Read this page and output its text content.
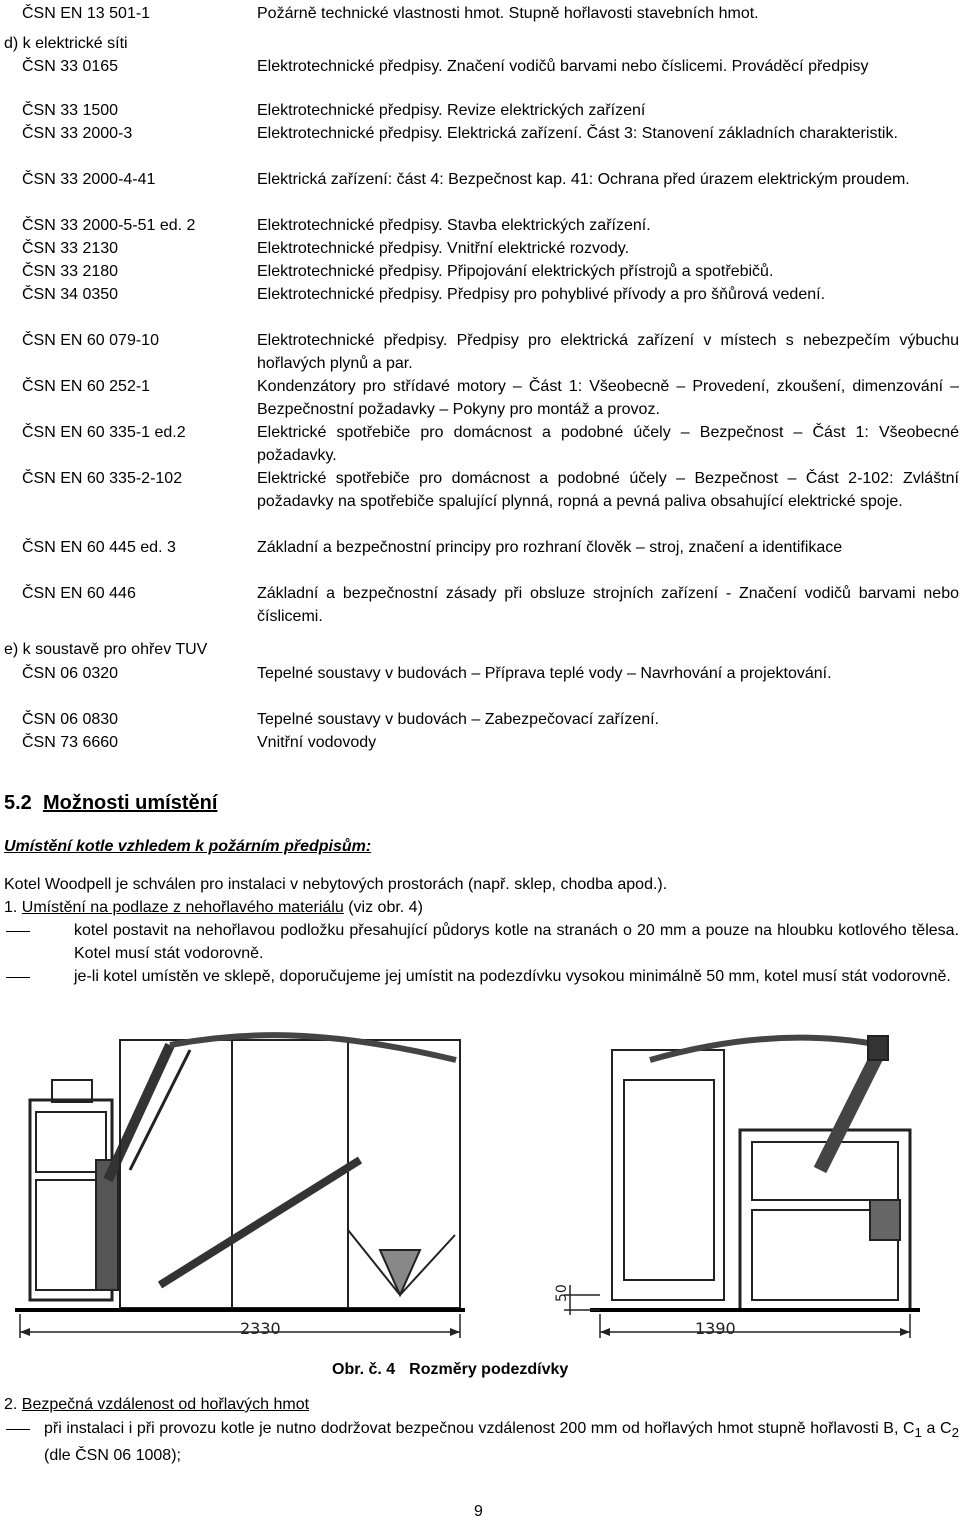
ČSN EN 13 501-1	Požárně technické vlastnosti hmot. Stupně hořlavosti stavebních hmot.
d) k elektrické síti
ČSN 33 0165	Elektrotechnické předpisy. Značení vodičů barvami nebo číslicemi. Prováděcí předpisy
ČSN 33 1500	Elektrotechnické předpisy. Revize elektrických zařízení
ČSN 33 2000-3	Elektrotechnické předpisy. Elektrická zařízení. Část 3: Stanovení základních charakteristik.
ČSN 33 2000-4-41	Elektrická zařízení: část 4: Bezpečnost kap. 41: Ochrana před úrazem elektrickým proudem.
ČSN 33 2000-5-51 ed. 2	Elektrotechnické předpisy. Stavba elektrických zařízení.
ČSN 33 2130	Elektrotechnické předpisy. Vnitřní elektrické rozvody.
ČSN 33 2180	Elektrotechnické předpisy. Připojování elektrických přístrojů a spotřebičů.
ČSN 34 0350	Elektrotechnické předpisy. Předpisy pro pohyblivé přívody a pro šňůrová vedení.
ČSN EN 60 079-10	Elektrotechnické předpisy. Předpisy pro elektrická zařízení v místech s nebezpečím výbuchu hořlavých plynů a par.
ČSN EN 60 252-1	Kondenzátory pro střídavé motory – Část 1: Všeobecně – Provedení, zkoušení, dimenzování – Bezpečnostní požadavky – Pokyny pro montáž a provoz.
ČSN EN 60 335-1 ed.2	Elektrické spotřebiče pro domácnost a podobné účely – Bezpečnost – Část 1: Všeobecné požadavky.
ČSN EN 60 335-2-102	Elektrické spotřebiče pro domácnost a podobné účely – Bezpečnost – Část 2-102: Zvláštní požadavky na spotřebiče spalující plynná, ropná a pevná paliva obsahující elektrické spoje.
ČSN EN 60 445 ed. 3	Základní a bezpečnostní principy pro rozhraní člověk – stroj, značení a identifikace
ČSN EN 60 446	Základní a bezpečnostní zásady při obsluze strojních zařízení - Značení vodičů barvami nebo číslicemi.
e) k soustavě pro ohřev TUV
ČSN 06 0320	Tepelné soustavy v budovách – Příprava teplé vody – Navrhování a projektování.
ČSN 06 0830	Tepelné soustavy v budovách – Zabezpečovací zařízení.
ČSN 73 6660	Vnitřní vodovody
5.2 Možnosti umístění
Umístění kotle vzhledem k požárním předpisům:
Kotel Woodpell je schválen pro instalaci v nebytových prostorách (např. sklep, chodba apod.).
1. Umístění na podlaze z nehořlavého materiálu (viz obr. 4)
kotel postavit na nehořlavou podložku přesahující půdorys kotle na stranách o 20 mm a pouze na hloubku kotlového tělesa. Kotel musí stát vodorovně.
je-li kotel umístěn ve sklepě, doporučujeme jej umístit na podezdívku vysokou minimálně 50 mm, kotel musí stát vodorovně.
2330	1390
50
Obr. č. 4 Rozměry podezdívky
2. Bezpečná vzdálenost od hořlavých hmot
při instalaci i při provozu kotle je nutno dodržovat bezpečnou vzdálenost 200 mm od hořlavých hmot stupně hořlavosti B, $C_1$ a $C_2$ (dle ČSN 06 1008);
9
